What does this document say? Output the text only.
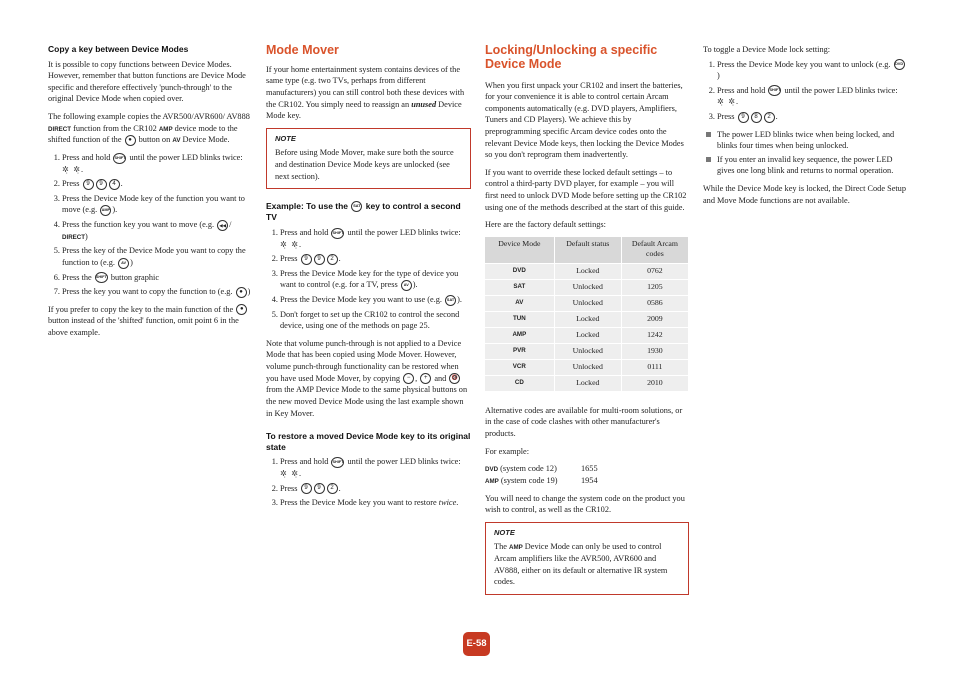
Copy a key between Device Modes

It is possible to copy functions between Device Modes. However, remember that button functions are Device Mode specific and therefore effectively 'punch-through' to the original Device Mode when copied over.

The following example copies the AVR500/AVR600/ AV888 DIRECT function from the CR102 AMP device mode to the shifted function of the ● button on AV Device Mode.

1. Press and hold SHIFT until the power LED blinks twice:
✲̣ ✲̣.
2. Press 9 9 4 .
3. Press the Device Mode key of the function you want to move (e.g. AMP ).
4. Press the function key you want to move (e.g. ◀◀ / DIRECT)
5. Press the key of the Device Mode you want to copy the function to (e.g. AV )
6. Press the SHIFT button graphic
7. Press the key you want to copy the function to (e.g. ● )

If you prefer to copy the key to the main function of the ● button instead of the 'shifted' function, omit point 6 in the above example.

Mode Mover

If your home entertainment system contains devices of the same type (e.g. two TVs, perhaps from different manufacturers) you can still control both these devices with the CR102. You simply need to reassign an unused Device Mode key.

NOTE
Before using Mode Mover, make sure both the source and destination Device Mode keys are unlocked (see next section).
Example: To use the SAT key to control a second TV
1. Press and hold SHIFT until the power LED blinks twice:
✲̣ ✲̣.
2. Press 9 9 2 .
3. Press the Device Mode key for the type of device you want to control (e.g. for a TV, press AV ).
4. Press the Device Mode key you want to use (e.g. SAT ).
5. Don't forget to set up the CR102 to control the second device, using one of the methods on page 25.

Note that volume punch-through is not applied to a Device Mode that has been copied using Mode Mover. However, volume punch-through functionality can be restored when you have used Mode Mover, by copying − , + and 🔇 from the AMP Device Mode to the same physical buttons on the new moved Device Mode using the last example shown in Key Mover.

To restore a moved Device Mode key to its original state
1. Press and hold SHIFT until the power LED blinks twice:
✲̣ ✲̣.
2. Press 9 9 2 .
3. Press the Device Mode key you want to restore twice.
Locking/Unlocking a specific Device Mode

When you first unpack your CR102 and insert the batteries, for your convenience it is able to control certain Arcam components automatically (e.g. DVD players, Amplifiers, Tuners and CD Players). We achieve this by preprogramming specific Arcam device codes onto the relevant Device Mode keys, then locking the Device Modes so you don't reprogram them inadvertently.

If you want to override these locked default settings – to control a third-party DVD player, for example – you will first need to unlock DVD Mode before setting up the CR102 using one of the methods described at the start of this guide.

Here are the factory default settings:

Device Mode	Default status	Default Arcam codes
DVD	Locked	0762
SAT	Unlocked	1205
AV	Unlocked	0586
TUN	Locked	2009
AMP	Locked	1242
PVR	Unlocked	1930
VCR	Unlocked	0111
CD	Locked	2010

Alternative codes are available for multi-room solutions, or in the case of code clashes with other manufacturer's products.

For example:

DVD (system code 12)	1655
AMP (system code 19)	1954

You will need to change the system code on the product you wish to control, as well as the CR102.

NOTE
The AMP Device Mode can only be used to control Arcam amplifiers like the AVR500, AVR600 and AV888, either on its default or alternative IR system codes.

To toggle a Device Mode lock setting:

1. Press the Device Mode key you want to unlock (e.g. DVD)
2. Press and hold SHIFT until the power LED blinks twice:
✲̣ ✲̣.
3. Press 9 8 2 .
The power LED blinks twice when being locked, and blinks four times when being unlocked.
If you enter an invalid key sequence, the power LED gives one long blink and returns to normal operation.

While the Device Mode key is locked, the Direct Code Setup and Move Mode functions are not available.

E-58
